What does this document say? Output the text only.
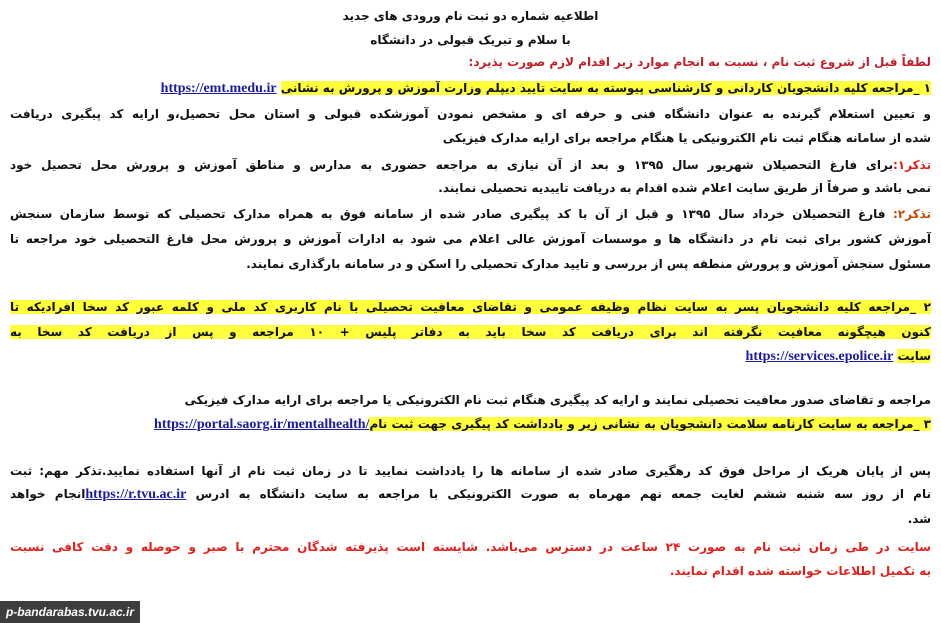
اطلاعیه شماره دو ثبت نام ورودی های جدید
با سلام و تبریک قبولی در دانشگاه
لطفاً قبل از شروع ثبت نام ، نسبت به انجام موارد زیر اقدام لازم صورت پذیرد:
۱ _مراجعه کلیه دانشجویان کاردانی و کارشناسی پیوسته به سایت تایید دیپلم وزارت آموزش و پرورش به نشانی https://emt.medu.ir
و تعیین استعلام گیرنده به عنوان دانشگاه فنی و حرفه ای و مشخص نمودن آموزشکده قبولی و استان محل تحصیل،و ارایه کد پیگیری دریافت
شده از سامانه هنگام ثبت نام الکترونیکی یا هنگام مراجعه برای ارایه مدارک فیزیکی
تذکر۱:برای فارغ التحصیلان شهریور سال ۱۳۹۵ و بعد از آن نیازی به مراجعه حضوری به مدارس و مناطق آموزش و پرورش محل تحصیل خود
نمی باشد و صرفاً از طریق سایت اعلام شده اقدام به دریافت تاییدیه تحصیلی نمایند.
تذکر۲: فارغ التحصیلان خرداد سال ۱۳۹۵ و قبل از آن با کد پیگیری صادر شده از سامانه فوق به همراه مدارک تحصیلی که توسط سازمان سنجش
آموزش کشور برای ثبت نام در دانشگاه ها و موسسات آموزش عالی اعلام می شود به ادارات آموزش و پرورش محل فارغ التحصیلی خود مراجعه تا
مسئول سنجش آموزش و پرورش منطقه پس از بررسی و تایید مدارک تحصیلی را اسکن و در سامانه بارگذاری نمایند.
۲ _مراجعه کلیه دانشجویان پسر به سایت نظام وظیفه عمومی و تقاضای معافیت تحصیلی با نام کاربری کد ملی و کلمه عبور کد سخا افرادیکه تا
کنون هیچگونه معافیت نگرفته اند برای دریافت کد سخا باید به دفاتر پلیس + ۱۰ مراجعه و پس از دریافت کد سخا به
سایت https://services.epolice.ir
مراجعه و تقاضای صدور معافیت تحصیلی نمایند و ارایه کد پیگیری هنگام ثبت نام الکترونیکی یا مراجعه برای ارایه مدارک فیزیکی
۳ _مراجعه به سایت کارنامه سلامت دانشجویان به نشانی زیر و یادداشت کد پیگیری جهت ثبت نامhttps://portal.saorg.ir/mentalhealth/
پس از پایان هریک از مراحل فوق کد رهگیری صادر شده از سامانه ها را یادداشت نمایید تا در زمان ثبت نام از آنها استفاده نمایید.تذکر مهم: ثبت
نام از روز سه شنبه ششم لغایت جمعه نهم مهرماه به صورت الکترونیکی با مراجعه به سایت دانشگاه به ادرس https://r.tvu.ac.irانجام خواهد
شد.
سایت در طی زمان ثبت نام به صورت ۲۴ ساعت در دسترس می‌باشد. شایسته است پذیرفته شدگان محترم با صبر و حوصله و دقت کافی نسبت
به تکمیل اطلاعات خواسته شده اقدام نمایند.
p-bandarabas.tvu.ac.ir
